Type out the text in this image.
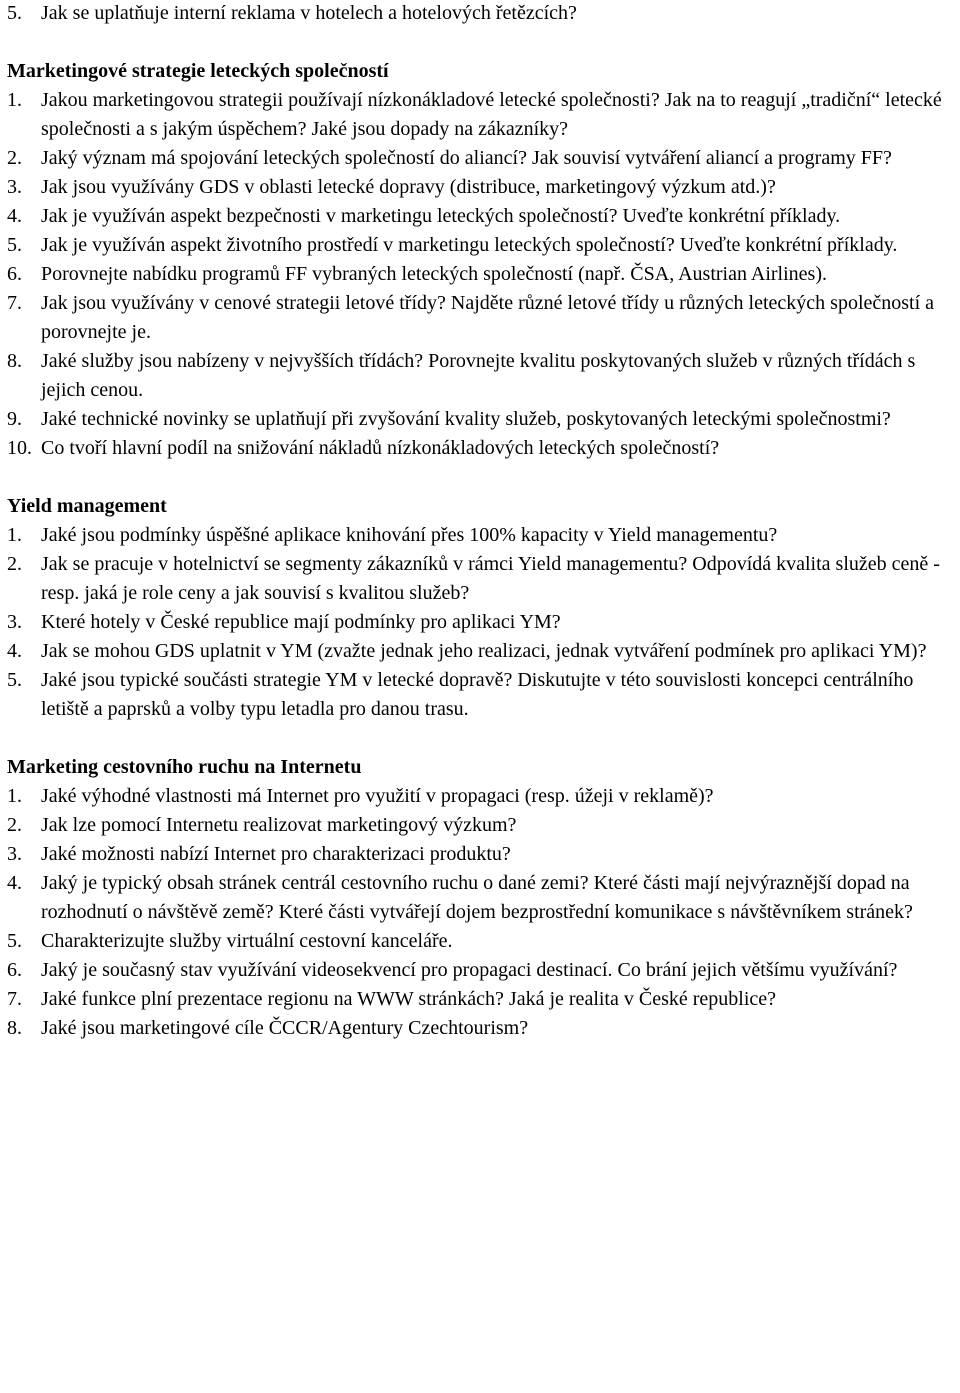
5. Jak se uplatňuje interní reklama v hotelech a hotelových řetězcích?
Marketingové strategie leteckých společností
1. Jakou marketingovou strategii používají nízkonákladové letecké společnosti? Jak na to reagují „tradiční“ letecké společnosti a s jakým úspěchem? Jaké jsou dopady na zákazníky?
2. Jaký význam má spojování leteckých společností do aliancí? Jak souvisí vytváření aliancí a programy FF?
3. Jak jsou využívány GDS v oblasti letecké dopravy (distribuce, marketingový výzkum atd.)?
4. Jak je využíván aspekt bezpečnosti v marketingu leteckých společností? Uveďte konkrétní příklady.
5. Jak je využíván aspekt životního prostředí v marketingu leteckých společností? Uveďte konkrétní příklady.
6. Porovnejte nabídku programů FF vybraných leteckých společností (např. ČSA, Austrian Airlines).
7. Jak jsou využívány v cenové strategii letové třídy? Najděte různé letové třídy u různých leteckých společností a porovnejte je.
8. Jaké služby jsou nabízeny v nejvyšších třídách? Porovnejte kvalitu poskytovaných služeb v různých třídách s jejich cenou.
9. Jaké technické novinky se uplatňují při zvyšování kvality služeb, poskytovaných leteckými společnostmi?
10. Co tvoří hlavní podíl na snižování nákladů nízkonákladových leteckých společností?
Yield management
1. Jaké jsou podmínky úspěšné aplikace knihování přes 100% kapacity v Yield managementu?
2. Jak se pracuje v hotelnictví se segmenty zákazníků v rámci Yield managementu? Odpovídá kvalita služeb ceně - resp. jaká je role ceny a jak souvisí s kvalitou služeb?
3. Které hotely v České republice mají podmínky pro aplikaci YM?
4. Jak se mohou GDS uplatnit v YM (zvažte jednak jeho realizaci, jednak vytváření podmínek pro aplikaci YM)?
5. Jaké jsou typické součásti strategie YM v letecké dopravě? Diskutujte v této souvislosti koncepci centrálního letiště a paprsků a volby typu letadla pro danou trasu.
Marketing cestovního ruchu na Internetu
1. Jaké výhodné vlastnosti má Internet pro využití v propagaci (resp. úžeji v reklamě)?
2. Jak lze pomocí Internetu realizovat marketingový výzkum?
3. Jaké možnosti nabízí Internet pro charakterizaci produktu?
4. Jaký je typický obsah stránek centrál cestovního ruchu o dané zemi? Které části mají nejvýraznější dopad na rozhodnutí o návštěvě země? Které části vytvářejí dojem bezprostřední komunikace s návštěvníkem stránek?
5. Charakterizujte služby virtuální cestovní kanceláře.
6. Jaký je současný stav využívání videosekvencí pro propagaci destinací. Co brání jejich většímu využívání?
7. Jaké funkce plní prezentace regionu na WWW stránkách? Jaká je realita v České republice?
8. Jaké jsou marketingové cíle ČCCR/Agentury Czechtourism?
